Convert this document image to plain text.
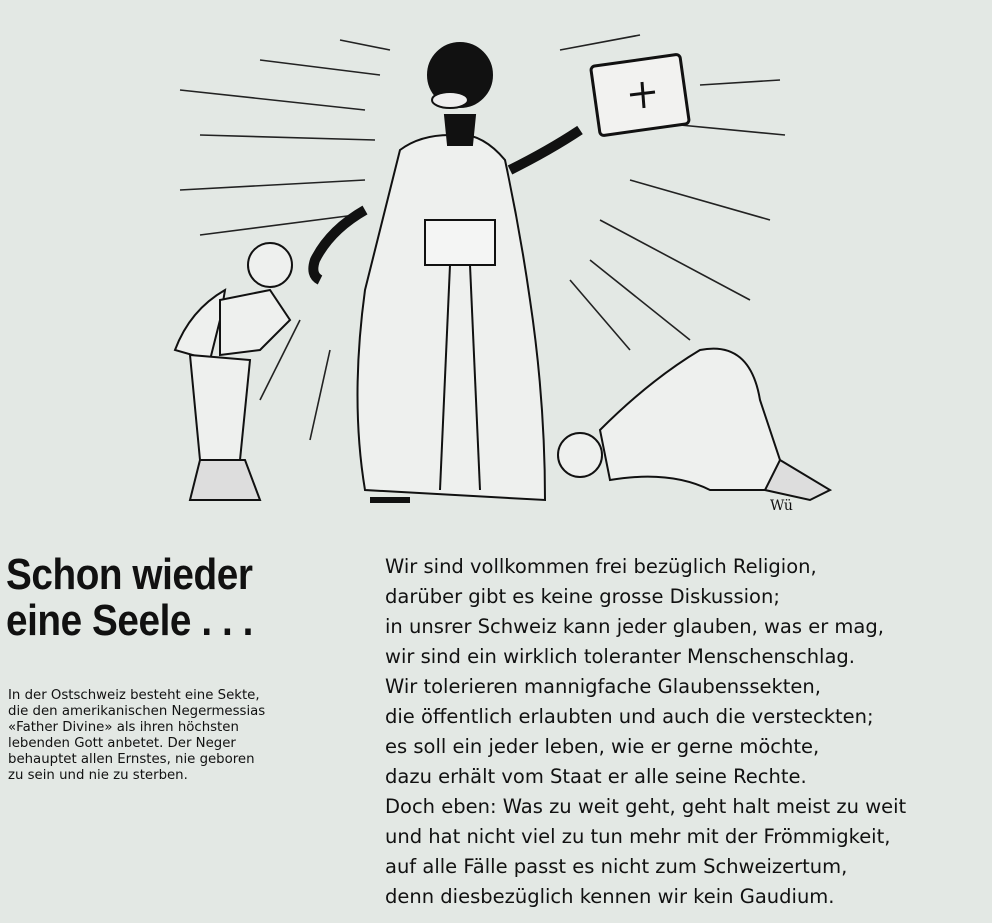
Wü
Schon wieder
eine Seele . . .

In der Ostschweiz besteht eine Sekte,
die den amerikanischen Negermessias
«Father Divine» als ihren höchsten
lebenden Gott anbetet. Der Neger
behauptet allen Ernstes, nie geboren
zu sein und nie zu sterben.

Wir sind vollkommen frei bezüglich Religion,
darüber gibt es keine grosse Diskussion;
in unsrer Schweiz kann jeder glauben, was er mag,
wir sind ein wirklich toleranter Menschenschlag.
Wir tolerieren mannigfache Glaubenssekten,
die öffentlich erlaubten und auch die versteckten;
es soll ein jeder leben, wie er gerne möchte,
dazu erhält vom Staat er alle seine Rechte.
Doch eben: Was zu weit geht, geht halt meist zu weit
und hat nicht viel zu tun mehr mit der Frömmigkeit,
auf alle Fälle passt es nicht zum Schweizertum,
denn diesbezüglich kennen wir kein Gaudium.
